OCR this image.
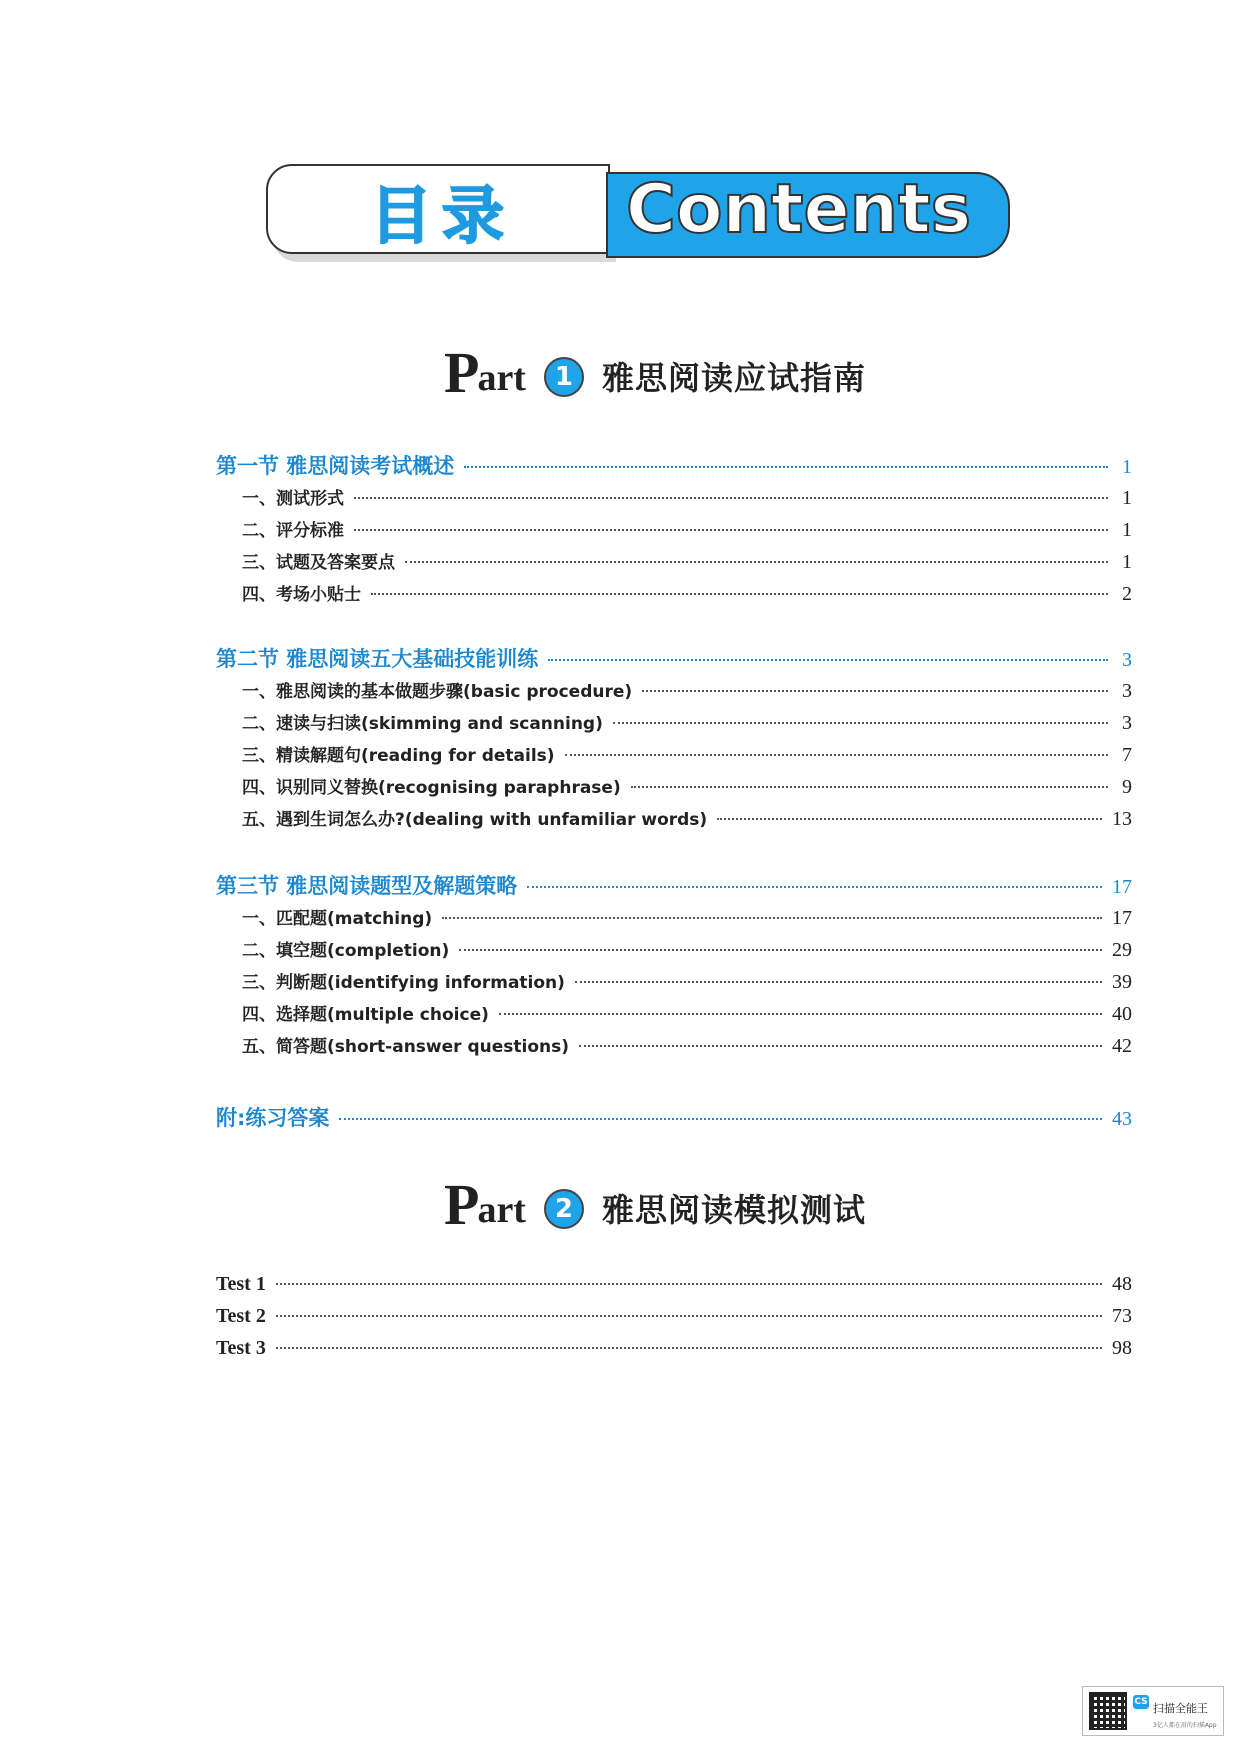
目录 Contents
P
art	1 雅思阅读应试指南
第一节 雅思阅读考试概述	1
一、测试形式	1
二、评分标准	1
三、试题及答案要点	1
四、考场小贴士	2
第二节 雅思阅读五大基础技能训练	3
一、雅思阅读的基本做题步骤(basic procedure)	3
二、速读与扫读(skimming and scanning)	3
三、精读解题句(reading for details)	7
四、识别同义替换(recognising paraphrase)	9
五、遇到生词怎么办?(dealing with unfamiliar words)	13
第三节 雅思阅读题型及解题策略	17
一、匹配题(matching)	17
二、填空题(completion)	29
三、判断题(identifying information)	39
四、选择题(multiple choice)	40
五、简答题(short-answer questions)	42
附:练习答案	43
P
art	2 雅思阅读模拟测试
Test 1	48
Test 2	73
Test 3	98
CS 扫描全能王
3亿人都在用的扫描App
